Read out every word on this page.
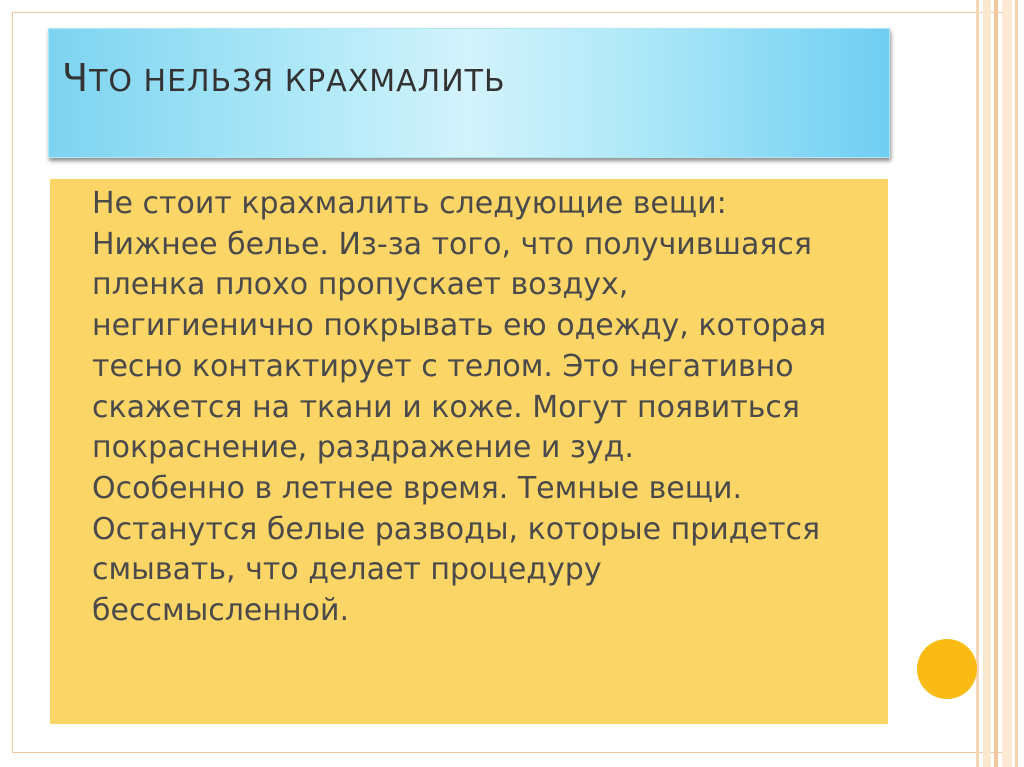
ЧТО НЕЛЬЗЯ КРАХМАЛИТЬ

Не стоит крахмалить следующие вещи:
Нижнее белье. Из-за того, что получившаяся
пленка плохо пропускает воздух,
негигиенично покрывать ею одежду, которая
тесно контактирует с телом. Это негативно
скажется на ткани и коже. Могут появиться
покраснение, раздражение и зуд.
Особенно в летнее время. Темные вещи.
Останутся белые разводы, которые придется
смывать, что делает процедуру
бессмысленной.
